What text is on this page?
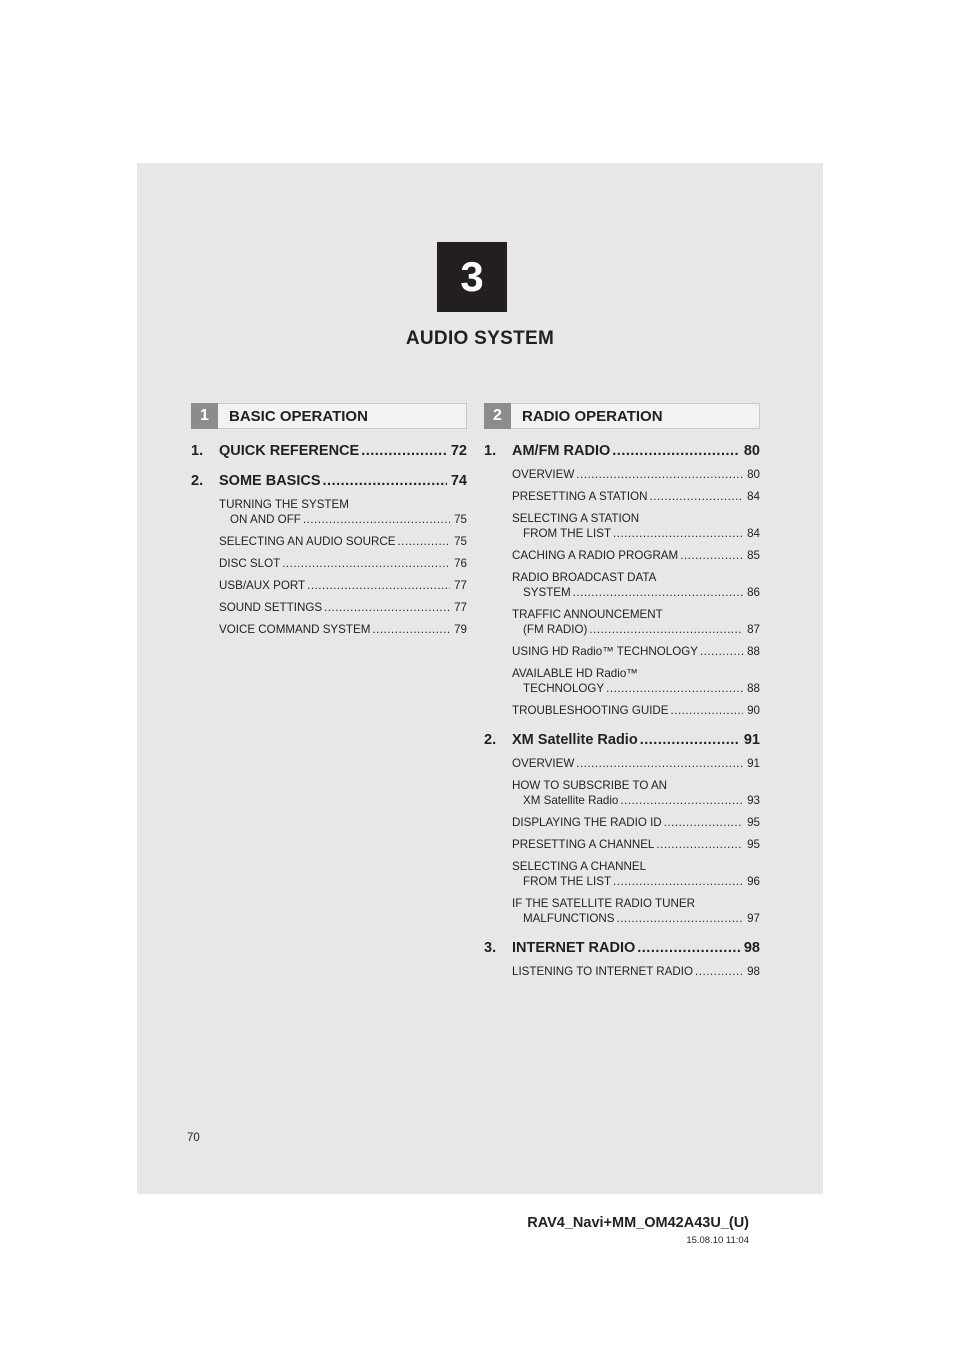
3
AUDIO SYSTEM
1	BASIC OPERATION
1.	QUICK REFERENCE .....	72
2.	SOME BASICS .....	74
TURNING THE SYSTEM
ON AND OFF .....	75
SELECTING AN AUDIO SOURCE .....	75
DISC SLOT .....	76
USB/AUX PORT .....	77
SOUND SETTINGS .....	77
VOICE COMMAND SYSTEM .....	79
2	RADIO OPERATION
1.	AM/FM RADIO .....	80
OVERVIEW .....	80
PRESETTING A STATION .....	84
SELECTING A STATION
FROM THE LIST .....	84
CACHING A RADIO PROGRAM .....	85
RADIO BROADCAST DATA
SYSTEM .....	86
TRAFFIC ANNOUNCEMENT
(FM RADIO) .....	87
USING HD Radio™ TECHNOLOGY .....	88
AVAILABLE HD Radio™
TECHNOLOGY .....	88
TROUBLESHOOTING GUIDE .....	90
2.	XM Satellite Radio .....	91
OVERVIEW .....	91
HOW TO SUBSCRIBE TO AN
XM Satellite Radio .....	93
DISPLAYING THE RADIO ID .....	95
PRESETTING A CHANNEL .....	95
SELECTING A CHANNEL
FROM THE LIST .....	96
IF THE SATELLITE RADIO TUNER
MALFUNCTIONS .....	97
3.	INTERNET RADIO .....	98
LISTENING TO INTERNET RADIO .....	98
70
RAV4_Navi+MM_OM42A43U_(U)
15.08.10 11:04
